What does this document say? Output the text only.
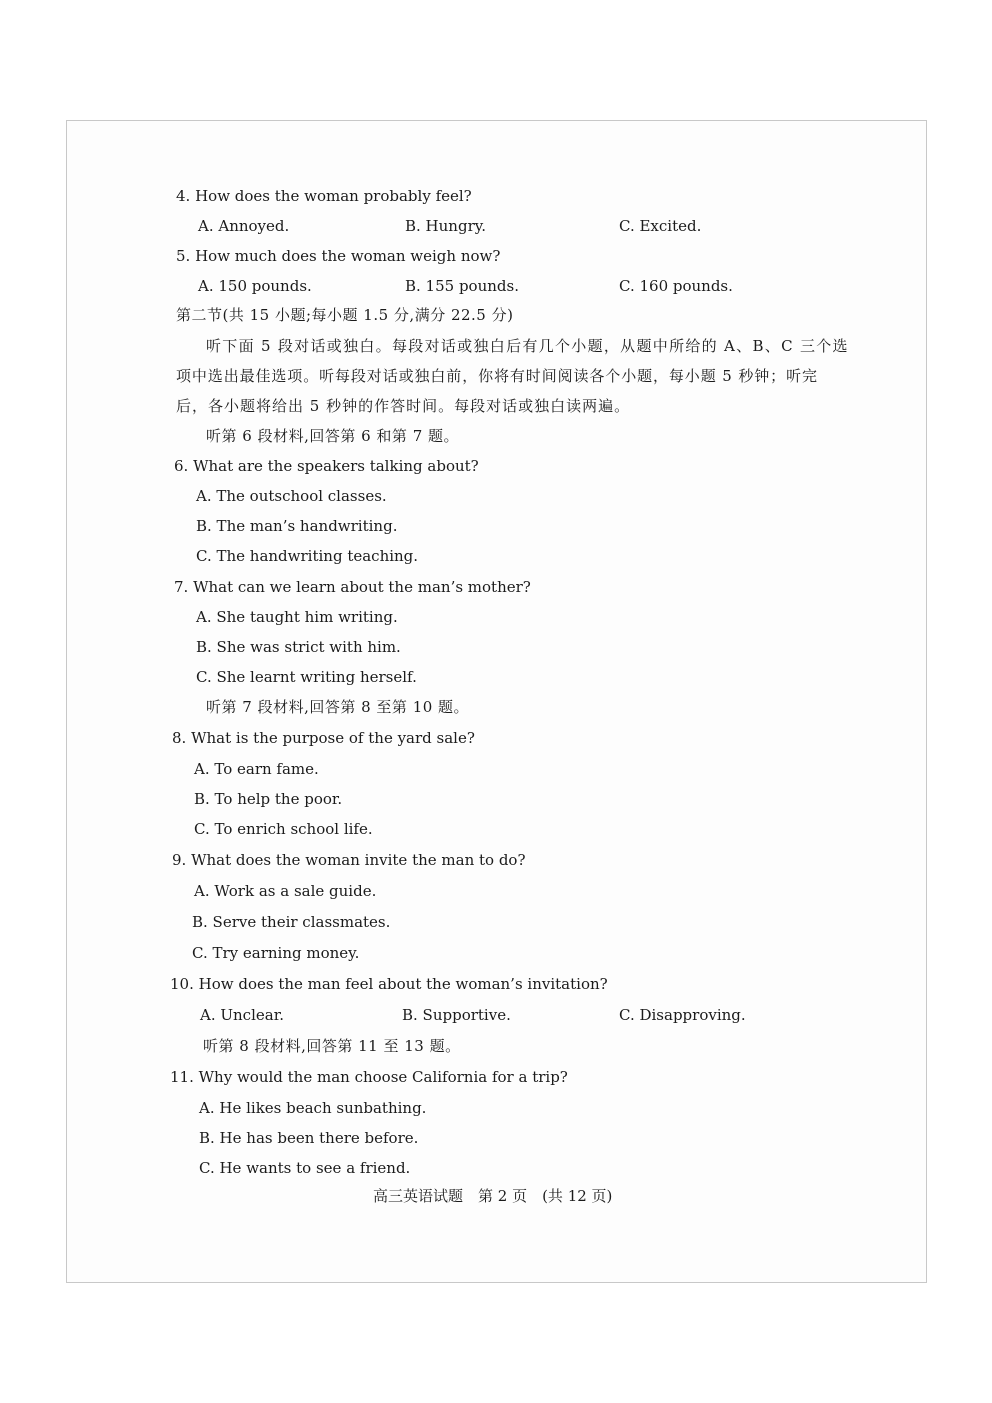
4. How does the woman probably feel?
A. Annoyed.	B. Hungry.	C. Excited.
5. How much does the woman weigh now?
A. 150 pounds.	B. 155 pounds.	C. 160 pounds.
第二节(共 15 小题;每小题 1.5 分,满分 22.5 分)
听下面 5 段对话或独白。每段对话或独白后有几个小题，从题中所给的 A、B、C 三个选
项中选出最佳选项。听每段对话或独白前，你将有时间阅读各个小题，每小题 5 秒钟；听完
后，各小题将给出 5 秒钟的作答时间。每段对话或独白读两遍。
听第 6 段材料,回答第 6 和第 7 题。
6. What are the speakers talking about?
A. The outschool classes.
B. The man’s handwriting.
C. The handwriting teaching.
7. What can we learn about the man’s mother?
A. She taught him writing.
B. She was strict with him.
C. She learnt writing herself.
听第 7 段材料,回答第 8 至第 10 题。
8. What is the purpose of the yard sale?
A. To earn fame.
B. To help the poor.
C. To enrich school life.
9. What does the woman invite the man to do?
A. Work as a sale guide.
B. Serve their classmates.
C. Try earning money.
10. How does the man feel about the woman’s invitation?
A. Unclear.	B. Supportive.	C. Disapproving.
听第 8 段材料,回答第 11 至 13 题。
11. Why would the man choose California for a trip?
A. He likes beach sunbathing.
B. He has been there before.
C. He wants to see a friend.
高三英语试题　第 2 页　(共 12 页)
